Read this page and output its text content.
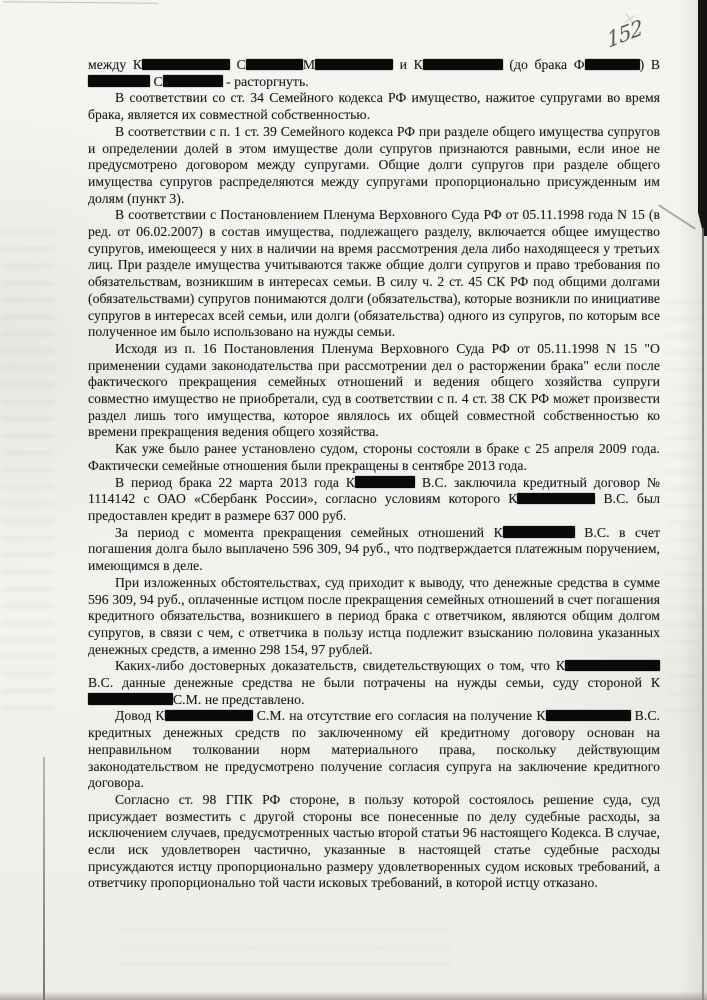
152

между К	С	М	и К	(до брака Ф	) В С	- расторгнуть.

В соответствии со ст. 34 Семейного кодекса РФ имущество, нажитое супругами во время брака, является их совместной собственностью.

В соответствии с п. 1 ст. 39 Семейного кодекса РФ при разделе общего имущества супругов и определении долей в этом имуществе доли супругов признаются равными, если иное не предусмотрено договором между супругами. Общие долги супругов при разделе общего имущества супругов распределяются между супругами пропорционально присужденным им долям (пункт 3).

В соответствии с Постановлением Пленума Верховного Суда РФ от 05.11.1998 года N 15 (в ред. от 06.02.2007) в состав имущества, подлежащего разделу, включается общее имущество супругов, имеющееся у них в наличии на время рассмотрения дела либо находящееся у третьих лиц. При разделе имущества учитываются также общие долги супругов и право требования по обязательствам, возникшим в интересах семьи. В силу ч. 2 ст. 45 СК РФ под общими долгами (обязательствами) супругов понимаются долги (обязательства), которые возникли по инициативе супругов в интересах всей семьи, или долги (обязательства) одного из супругов, по которым все полученное им было использовано на нужды семьи.

Исходя из п. 16 Постановления Пленума Верховного Суда РФ от 05.11.1998 N 15 "О применении судами законодательства при рассмотрении дел о расторжении брака" если после фактического прекращения семейных отношений и ведения общего хозяйства супруги совместно имущество не приобретали, суд в соответствии с п. 4 ст. 38 СК РФ может произвести раздел лишь того имущества, которое являлось их общей совместной собственностью ко времени прекращения ведения общего хозяйства.

Как уже было ранее установлено судом, стороны состояли в браке с 25 апреля 2009 года. Фактически семейные отношения были прекращены в сентябре 2013 года.

В период брака 22 марта 2013 года К	В.С. заключила кредитный договор № 1114142 с ОАО «Сбербанк России», согласно условиям которого К	В.С. был предоставлен кредит в размере 637 000 руб.

За период с момента прекращения семейных отношений К	В.С. в счет погашения долга было выплачено 596 309, 94 руб., что подтверждается платежным поручением, имеющимся в деле.

При изложенных обстоятельствах, суд приходит к выводу, что денежные средства в сумме 596 309, 94 руб., оплаченные истцом после прекращения семейных отношений в счет погашения кредитного обязательства, возникшего в период брака с ответчиком, являются общим долгом супругов, в связи с чем, с ответчика в пользу истца подлежит взысканию половина указанных денежных средств, а именно 298 154, 97 рублей.

Каких-либо достоверных доказательств, свидетельствующих о том, что К В.С. данные денежные средства не были потрачены на нужды семьи, суду стороной КС.М. не представлено.

Довод К	С.М. на отсутствие его согласия на получение К	В.С. кредитных денежных средств по заключенному ей кредитному договору основан на неправильном толковании норм материального права, поскольку действующим законодательством не предусмотрено получение согласия супруга на заключение кредитного договора.

Согласно ст. 98 ГПК РФ стороне, в пользу которой состоялось решение суда, суд присуждает возместить с другой стороны все понесенные по делу судебные расходы, за исключением случаев, предусмотренных частью второй статьи 96 настоящего Кодекса. В случае, если иск удовлетворен частично, указанные в настоящей статье судебные расходы присуждаются истцу пропорционально размеру удовлетворенных судом исковых требований, а ответчику пропорционально той части исковых требований, в которой истцу отказано.
